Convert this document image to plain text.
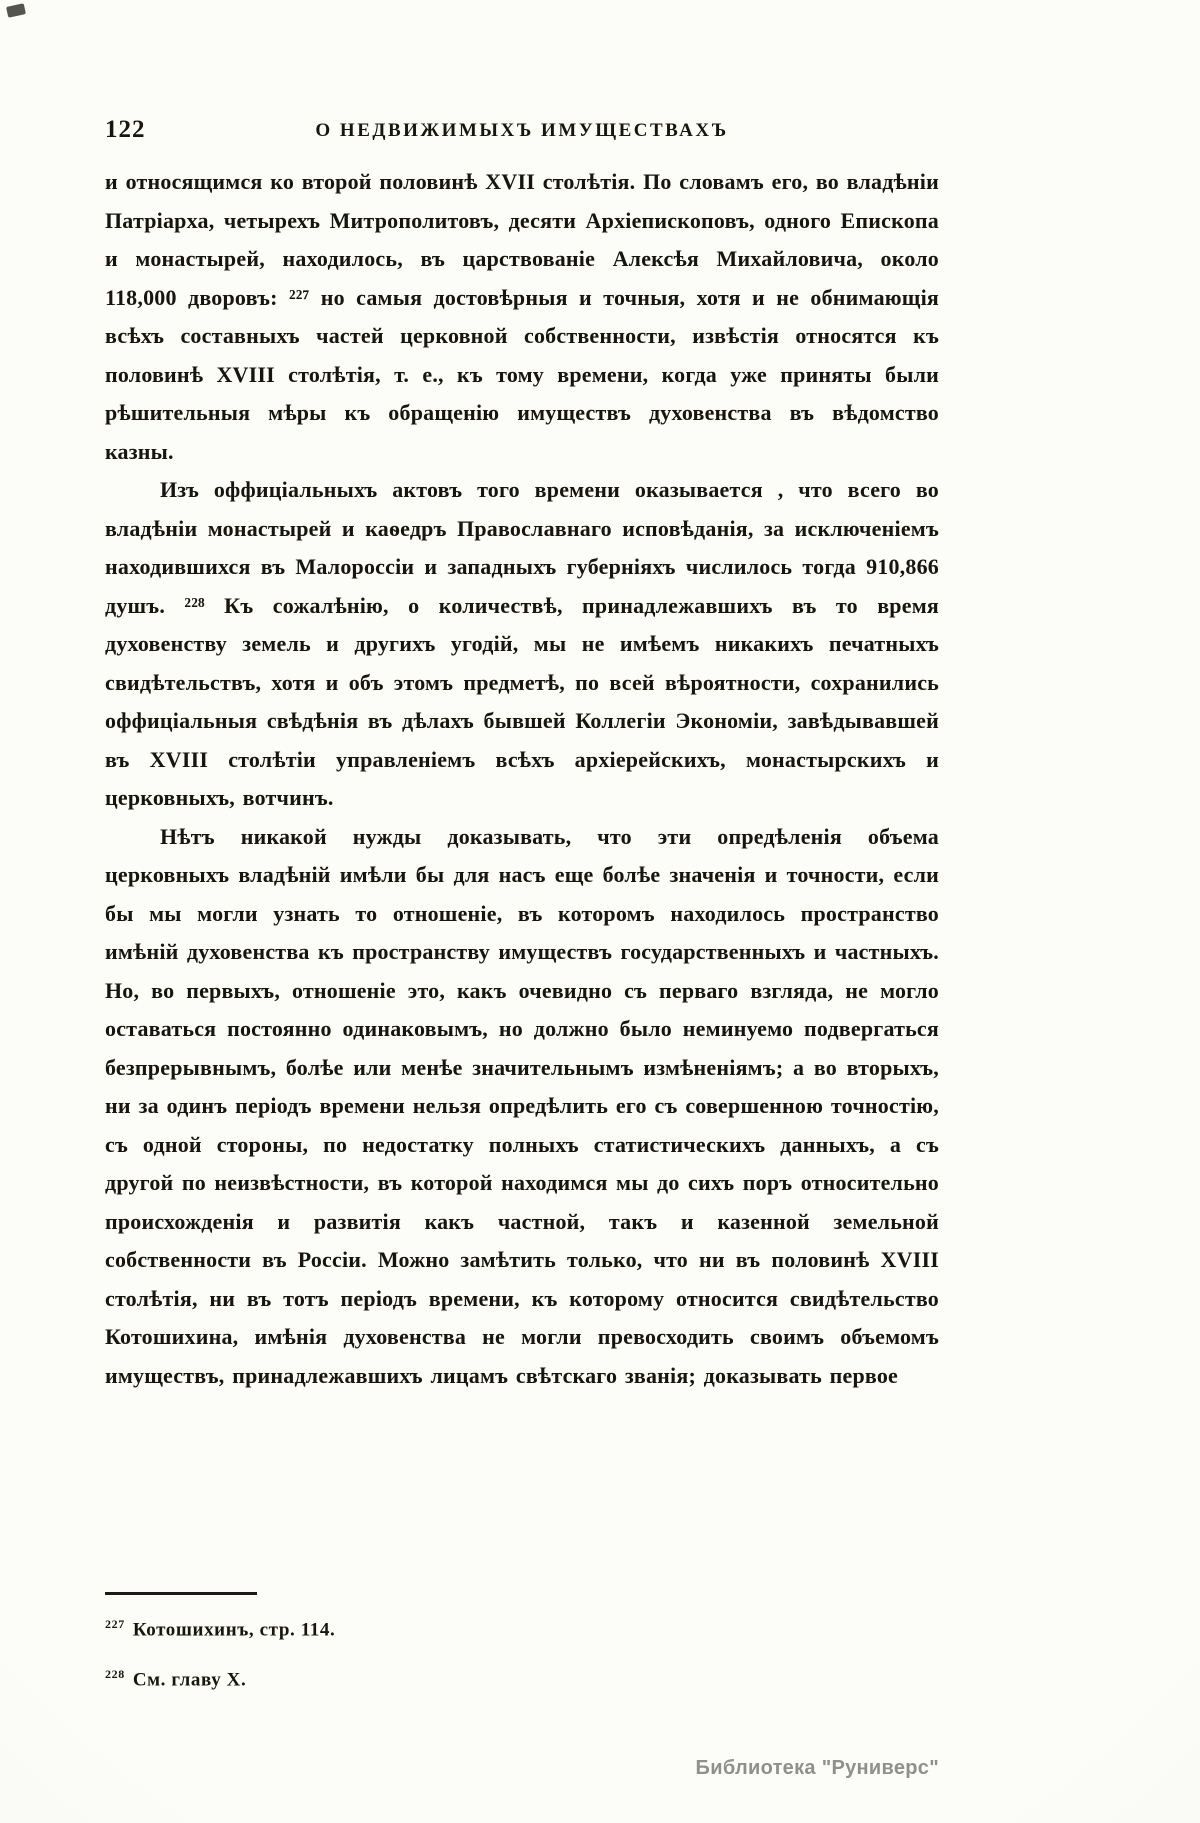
122	О НЕДВИЖИМЫХЪ ИМУЩЕСТВАХЪ

и относящимся ко второй половинѣ XVII столѣтія. По словамъ его, во владѣніи Патріарха, четырехъ Митрополитовъ, десяти Архіепископовъ, одного Епископа и монастырей, находилось, въ царствованіе Алексѣя Михайловича, около 118,000 дворовъ: ²²⁷ но самыя достовѣрныя и точныя, хотя и не обнимающія всѣхъ составныхъ частей церковной собственности, извѣстія относятся къ половинѣ XVIII столѣтія, т. е., къ тому времени, когда уже приняты были рѣшительныя мѣры къ обращенію имуществъ духовенства въ вѣдомство казны.

Изъ оффиціальныхъ актовъ того времени оказывается , что всего во владѣніи монастырей и каѳедръ Православнаго исповѣданія, за исключеніемъ находившихся въ Малороссіи и западныхъ губерніяхъ числилось тогда 910,866 душъ. ²²⁸ Къ сожалѣнію, о количествѣ, принадлежавшихъ въ то время духовенству земель и другихъ угодій, мы не имѣемъ никакихъ печатныхъ свидѣтельствъ, хотя и объ этомъ предметѣ, по всей вѣроятности, сохранились оффиціальныя свѣдѣнія въ дѣлахъ бывшей Коллегіи Экономіи, завѣдывавшей въ XVIII столѣтіи управленіемъ всѣхъ архіерейскихъ, монастырскихъ и церковныхъ, вотчинъ.

Нѣтъ никакой нужды доказывать, что эти опредѣленія объема церковныхъ владѣній имѣли бы для насъ еще болѣе значенія и точности, если бы мы могли узнать то отношеніе, въ которомъ находилось пространство имѣній духовенства къ пространству имуществъ государственныхъ и частныхъ. Но, во первыхъ, отношеніе это, какъ очевидно съ перваго взгляда, не могло оставаться постоянно одинаковымъ, но должно было неминуемо подвергаться безпрерывнымъ, болѣе или менѣе значительнымъ измѣненіямъ; а во вторыхъ, ни за одинъ періодъ времени нельзя опредѣлить его съ совершенною точностію, съ одной стороны, по недостатку полныхъ статистическихъ данныхъ, а съ другой по неизвѣстности, въ которой находимся мы до сихъ поръ относительно происхожденія и развитія какъ частной, такъ и казенной земельной собственности въ Россіи. Можно замѣтить только, что ни въ половинѣ XVIII столѣтія, ни въ тотъ періодъ времени, къ которому относится свидѣтельство Котошихина, имѣнія духовенства не могли превосходить своимъ объемомъ имуществъ, принадлежавшихъ лицамъ свѣтскаго званія; доказывать первое

$^{227}$ Котошихинъ, стр. 114.

$^{228}$ См. главу X.

Библиотека "Руниверс"
